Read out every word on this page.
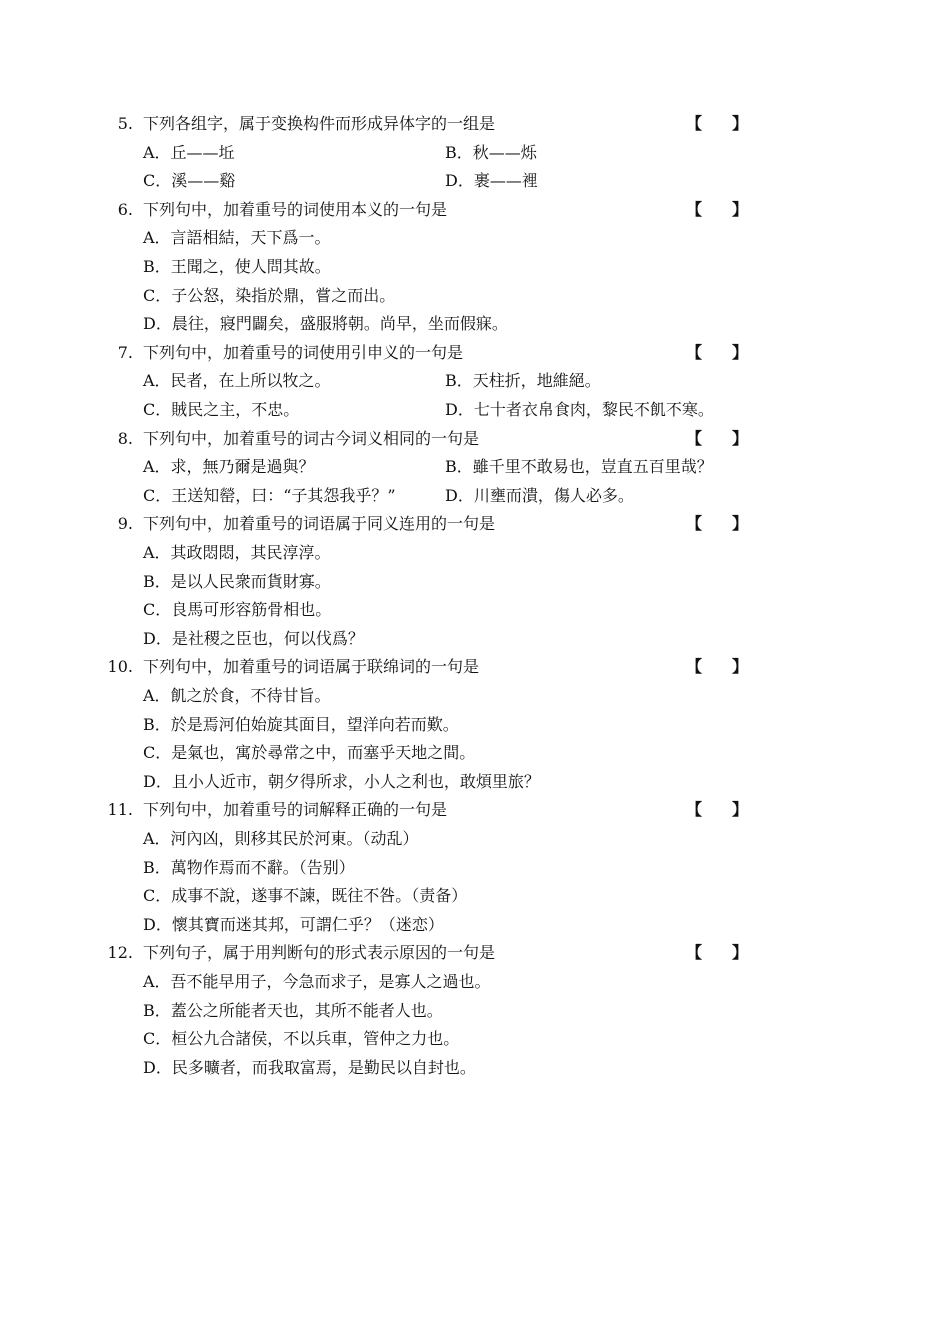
5. 下列各组字，属于变换构件而形成异体字的一组是	【 】
A．丘——坵	B．秋——烁
C．溪——谿	D．裹——裡
6. 下列句中，加着重号的词使用本义的一句是	【 】
A．言語相結，天下爲一。
B．王聞之，使人問其故。
C．子公怒，染指於鼎，嘗之而出。
D．晨往，寢門闢矣，盛服將朝。尚早，坐而假寐。
7. 下列句中，加着重号的词使用引申义的一句是	【 】
A．民者，在上所以牧之。	B．天柱折，地維絕。
C．賊民之主，不忠。	D．七十者衣帛食肉，黎民不飢不寒。
8. 下列句中，加着重号的词古今词义相同的一句是	【 】
A．求，無乃爾是過與？	B．雖千里不敢易也，豈直五百里哉？
C．王送知罃，曰：“子其怨我乎？”	D．川壅而潰，傷人必多。
9. 下列句中，加着重号的词语属于同义连用的一句是	【 】
A．其政悶悶，其民淳淳。
B．是以人民衆而貨財寡。
C．良馬可形容筋骨相也。
D．是社稷之臣也，何以伐爲？
10. 下列句中，加着重号的词语属于联绵词的一句是	【 】
A．飢之於食，不待甘旨。
B．於是焉河伯始旋其面目，望洋向若而歎。
C．是氣也，寓於尋常之中，而塞乎天地之間。
D．且小人近市，朝夕得所求，小人之利也，敢煩里旅？
11. 下列句中，加着重号的词解释正确的一句是	【 】
A．河內凶，則移其民於河東。（动乱）
B．萬物作焉而不辭。（告别）
C．成事不說，遂事不諫，既往不咎。（责备）
D．懷其寶而迷其邦，可謂仁乎？（迷恋）
12. 下列句子，属于用判断句的形式表示原因的一句是	【 】
A．吾不能早用子，今急而求子，是寡人之過也。
B．蓋公之所能者天也，其所不能者人也。
C．桓公九合諸侯，不以兵車，管仲之力也。
D．民多曠者，而我取富焉，是勤民以自封也。
